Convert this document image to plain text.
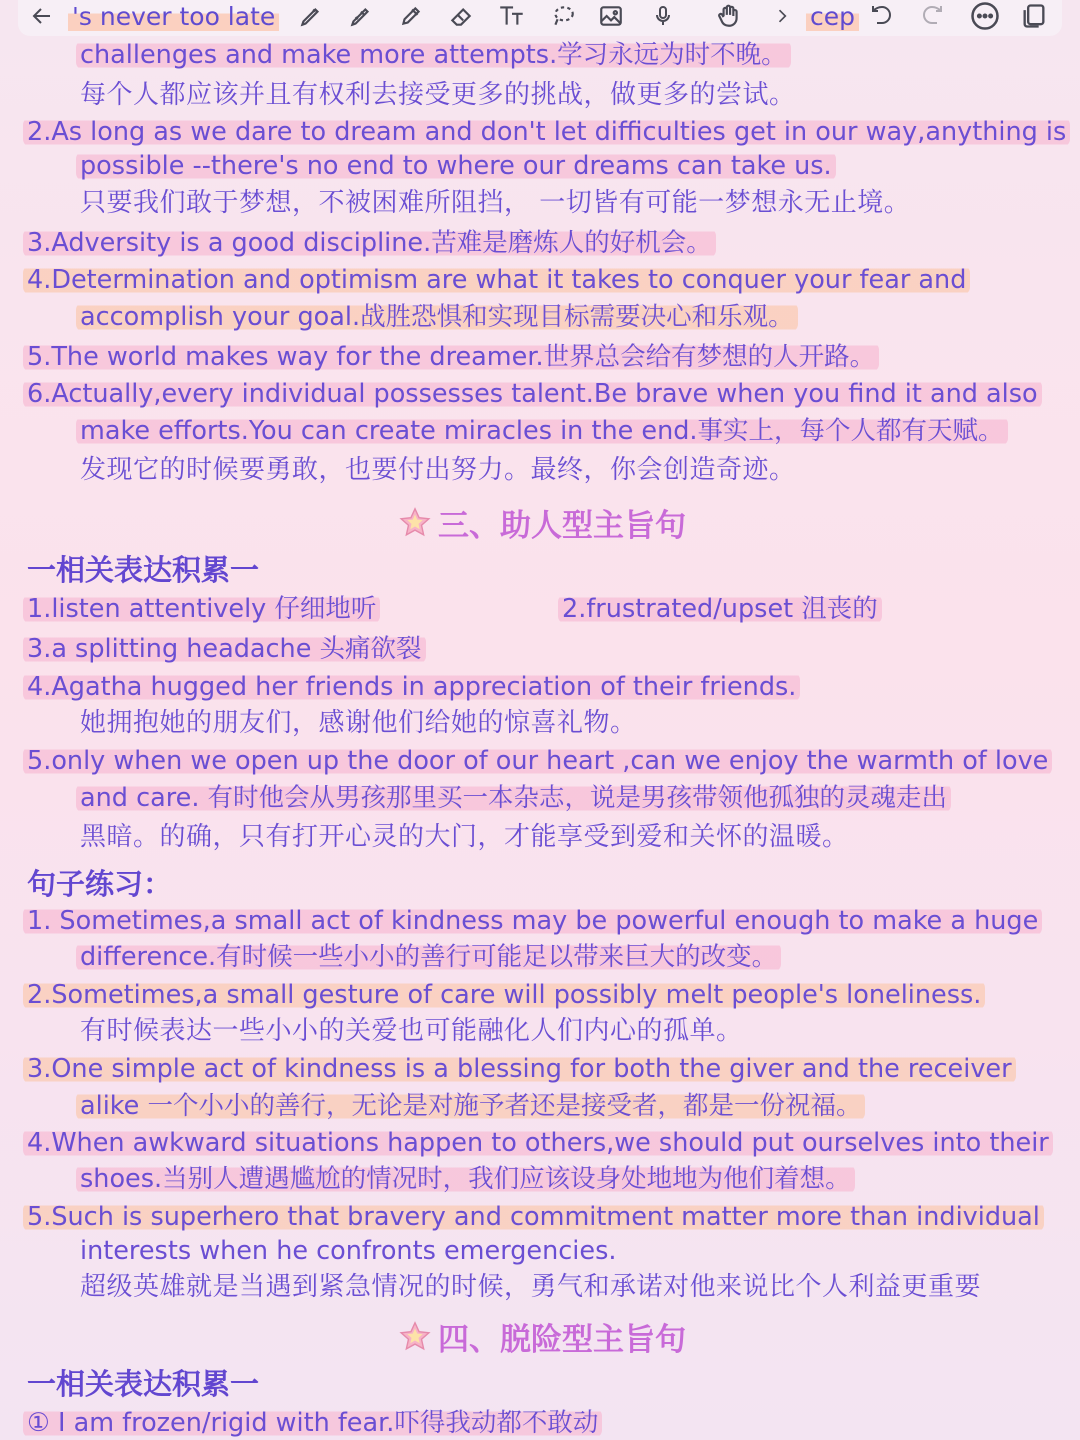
's never too late	cep
challenges and make more attempts.学习永远为时不晚。
每个人都应该并且有权利去接受更多的挑战，做更多的尝试。
2.As long as we dare to dream and don't let difficulties get in our way,anything is
possible --there's no end to where our dreams can take us.
只要我们敢于梦想，不被困难所阻挡， 一切皆有可能一梦想永无止境。
3.Adversity is a good discipline.苦难是磨炼人的好机会。
4.Determination and optimism are what it takes to conquer your fear and
accomplish your goal.战胜恐惧和实现目标需要决心和乐观。
5.The world makes way for the dreamer.世界总会给有梦想的人开路。
6.Actually,every individual possesses talent.Be brave when you find it and also
make efforts.You can create miracles in the end.事实上，每个人都有天赋。
发现它的时候要勇敢，也要付出努力。最终，你会创造奇迹。
三、助人型主旨句
一相关表达积累一
1.listen attentively 仔细地听	2.frustrated/upset 沮丧的
3.a splitting headache 头痛欲裂
4.Agatha hugged her friends in appreciation of their friends.
她拥抱她的朋友们，感谢他们给她的惊喜礼物。
5.only when we open up the door of our heart ,can we enjoy the warmth of love
and care. 有时他会从男孩那里买一本杂志，说是男孩带领他孤独的灵魂走出
黑暗。的确，只有打开心灵的大门，才能享受到爱和关怀的温暖。
句子练习：
1. Sometimes,a small act of kindness may be powerful enough to make a huge
difference.有时候一些小小的善行可能足以带来巨大的改变。
2.Sometimes,a small gesture of care will possibly melt people's loneliness.
有时候表达一些小小的关爱也可能融化人们内心的孤单。
3.One simple act of kindness is a blessing for both the giver and the receiver
alike 一个小小的善行，无论是对施予者还是接受者，都是一份祝福。
4.When awkward situations happen to others,we should put ourselves into their
shoes.当别人遭遇尴尬的情况时，我们应该设身处地地为他们着想。
5.Such is superhero that bravery and commitment matter more than individual
interests when he confronts emergencies.
超级英雄就是当遇到紧急情况的时候，勇气和承诺对他来说比个人利益更重要
四、脱险型主旨句
一相关表达积累一
① I am frozen/rigid with fear.吓得我动都不敢动
